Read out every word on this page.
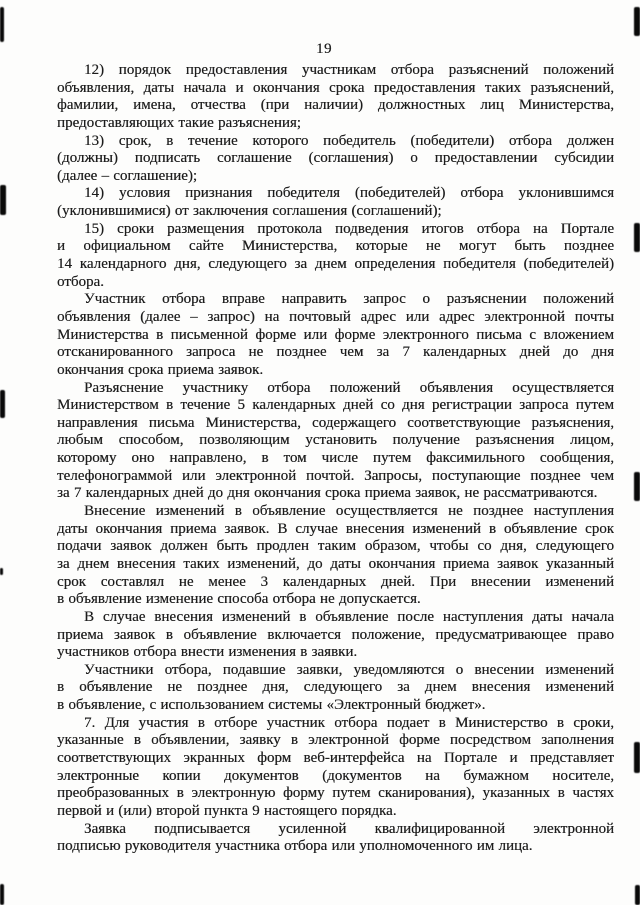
19
12) порядок предоставления участникам отбора разъяснений положений
объявления, даты начала и окончания срока предоставления таких разъяснений,
фамилии, имена, отчества (при наличии) должностных лиц Министерства,
предоставляющих такие разъяснения;
13) срок, в течение которого победитель (победители) отбора должен
(должны) подписать соглашение (соглашения) о предоставлении субсидии
(далее – соглашение);
14) условия признания победителя (победителей) отбора уклонившимся
(уклонившимися) от заключения соглашения (соглашений);
15) сроки размещения протокола подведения итогов отбора на Портале
и официальном сайте Министерства, которые не могут быть позднее
14 календарного дня, следующего за днем определения победителя (победителей)
отбора.
Участник отбора вправе направить запрос о разъяснении положений
объявления (далее – запрос) на почтовый адрес или адрес электронной почты
Министерства в письменной форме или форме электронного письма с вложением
отсканированного запроса не позднее чем за 7 календарных дней до дня
окончания срока приема заявок.
Разъяснение участнику отбора положений объявления осуществляется
Министерством в течение 5 календарных дней со дня регистрации запроса путем
направления письма Министерства, содержащего соответствующие разъяснения,
любым способом, позволяющим установить получение разъяснения лицом,
которому оно направлено, в том числе путем факсимильного сообщения,
телефонограммой или электронной почтой. Запросы, поступающие позднее чем
за 7 календарных дней до дня окончания срока приема заявок, не рассматриваются.
Внесение изменений в объявление осуществляется не позднее наступления
даты окончания приема заявок. В случае внесения изменений в объявление срок
подачи заявок должен быть продлен таким образом, чтобы со дня, следующего
за днем внесения таких изменений, до даты окончания приема заявок указанный
срок составлял не менее 3 календарных дней. При внесении изменений
в объявление изменение способа отбора не допускается.
В случае внесения изменений в объявление после наступления даты начала
приема заявок в объявление включается положение, предусматривающее право
участников отбора внести изменения в заявки.
Участники отбора, подавшие заявки, уведомляются о внесении изменений
в объявление не позднее дня, следующего за днем внесения изменений
в объявление, с использованием системы «Электронный бюджет».
7. Для участия в отборе участник отбора подает в Министерство в сроки,
указанные в объявлении, заявку в электронной форме посредством заполнения
соответствующих экранных форм веб-интерфейса на Портале и представляет
электронные копии документов (документов на бумажном носителе,
преобразованных в электронную форму путем сканирования), указанных в частях
первой и (или) второй пункта 9 настоящего порядка.
Заявка подписывается усиленной квалифицированной электронной
подписью руководителя участника отбора или уполномоченного им лица.
